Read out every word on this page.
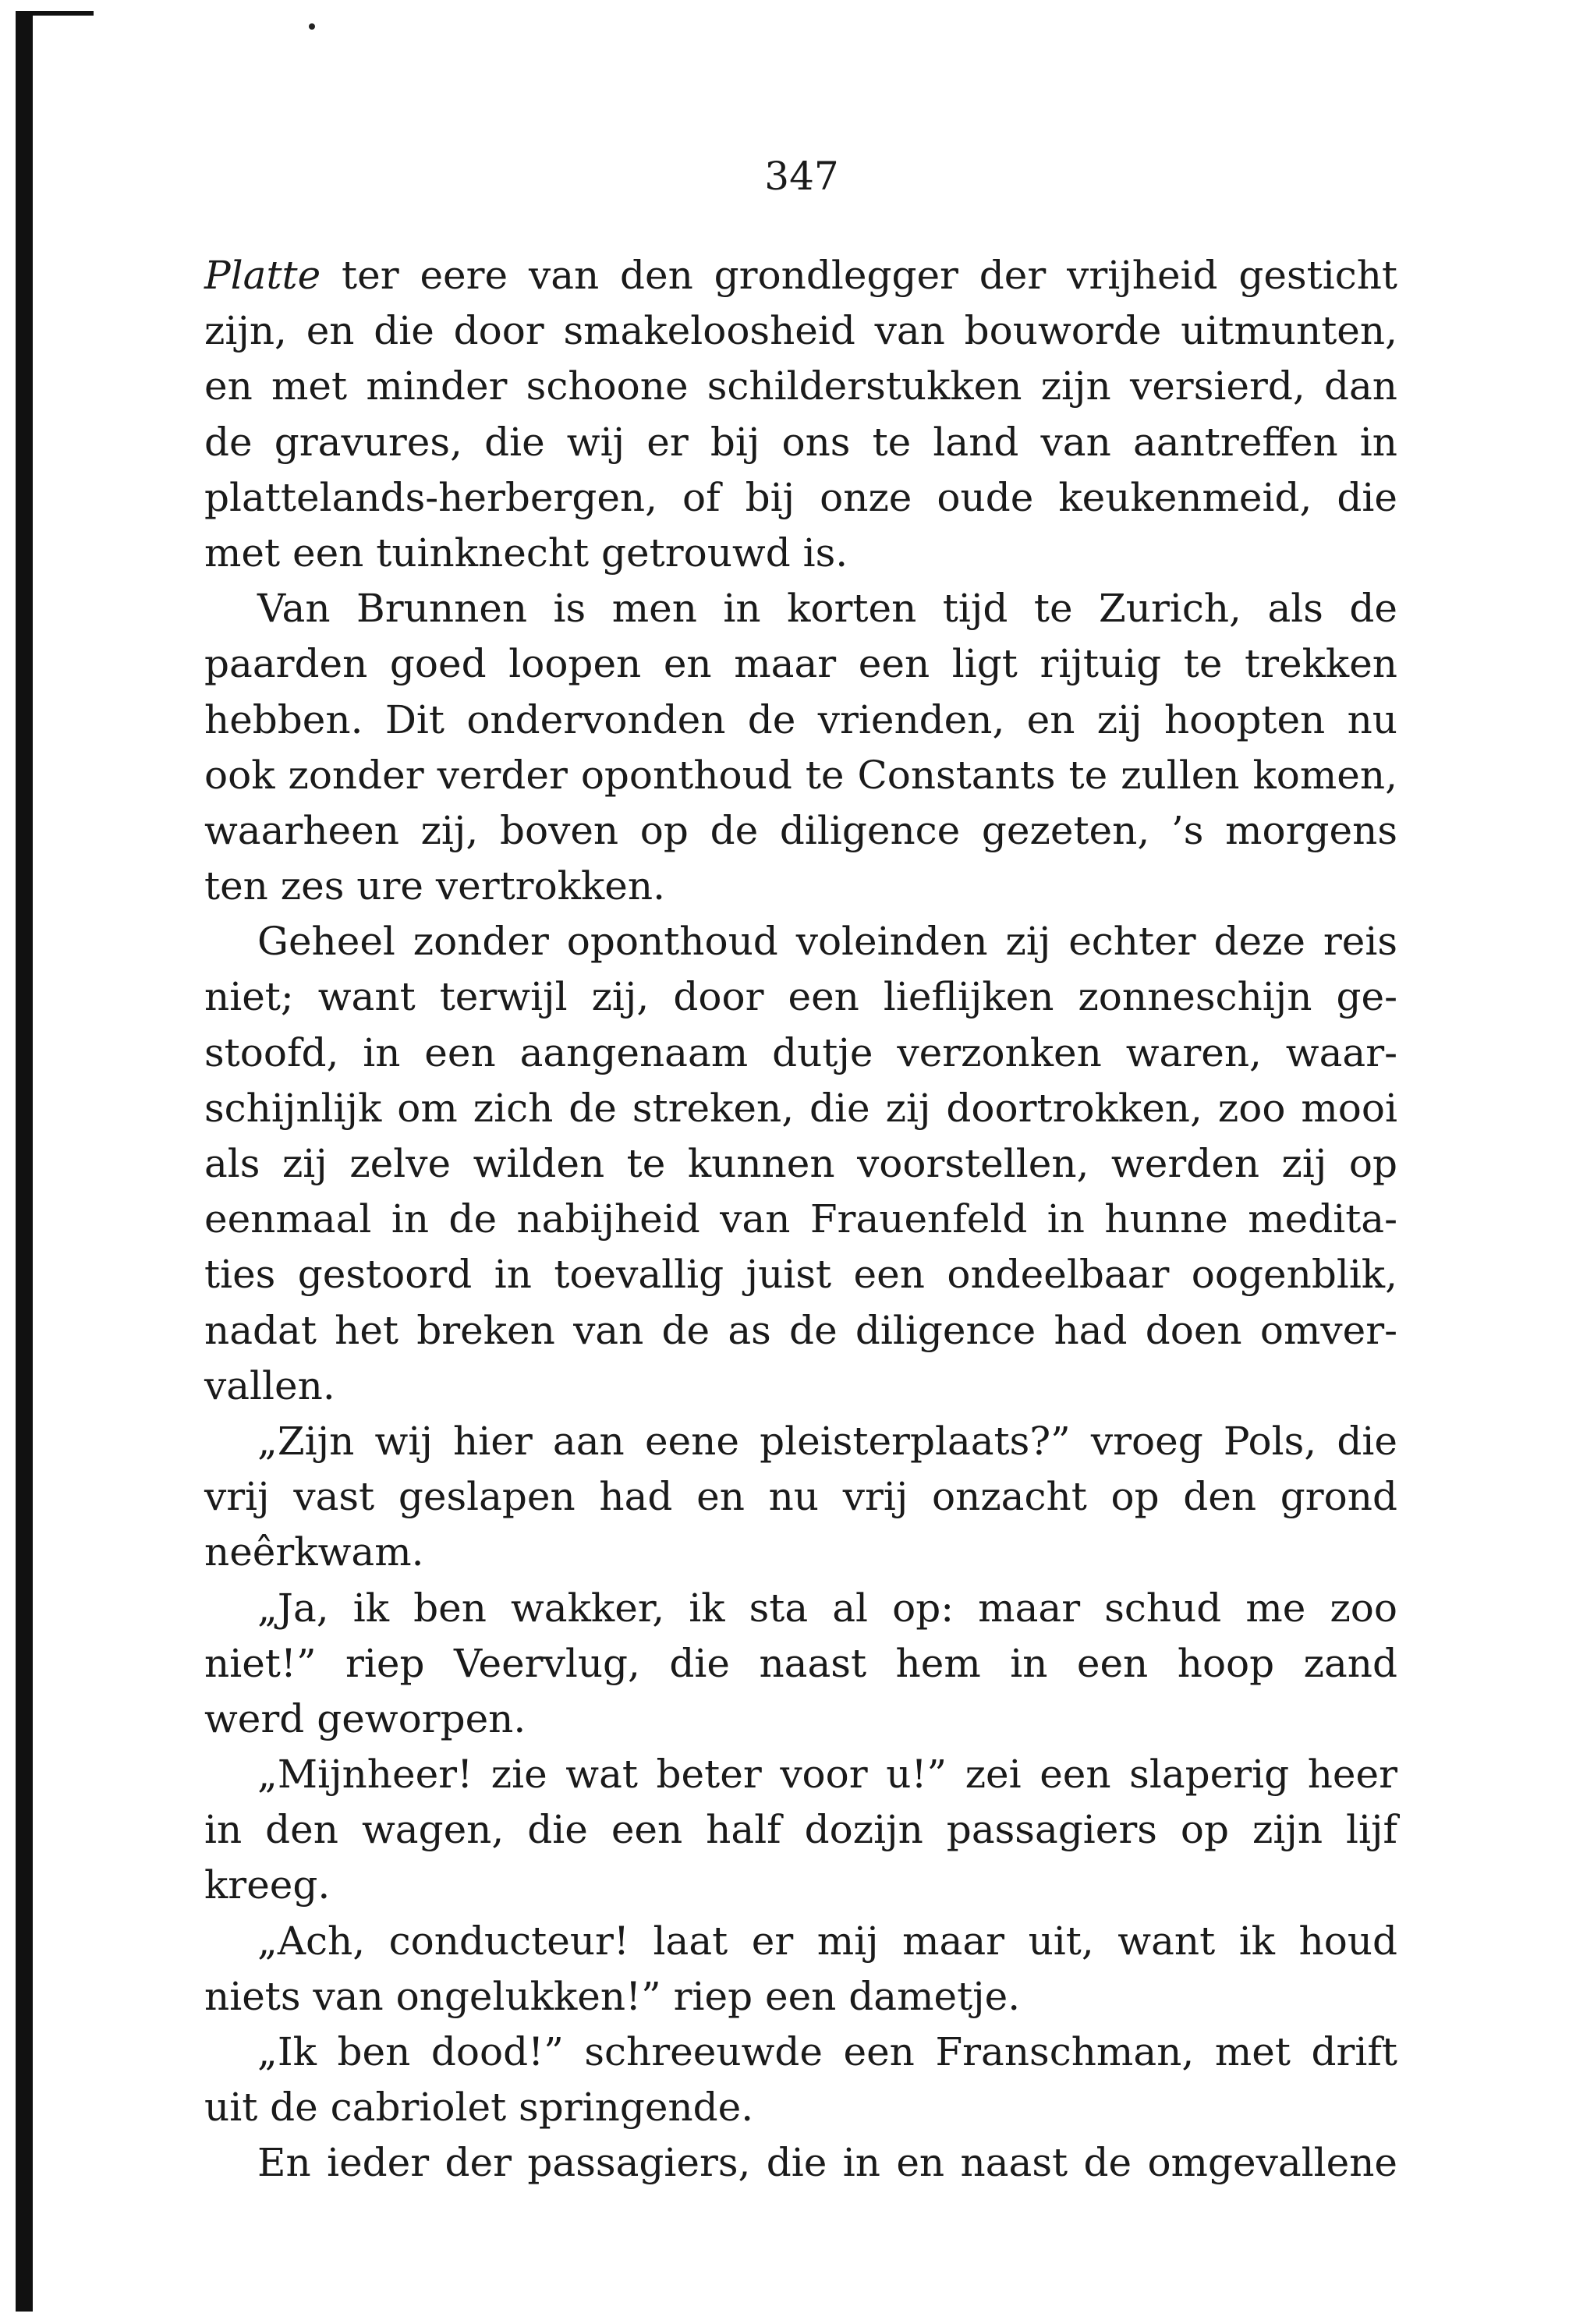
347
Platte ter eere van den grondlegger der vrijheid gesticht
zijn, en die door smakeloosheid van bouworde uitmunten,
en met minder schoone schilderstukken zijn versierd, dan
de gravures, die wij er bij ons te land van aantreffen in
plattelands-herbergen, of bij onze oude keukenmeid, die
met een tuinknecht getrouwd is.
Van Brunnen is men in korten tijd te Zurich, als de
paarden goed loopen en maar een ligt rijtuig te trekken
hebben. Dit ondervonden de vrienden, en zij hoopten nu
ook zonder verder oponthoud te Constants te zullen komen,
waarheen zij, boven op de diligence gezeten, ’s morgens
ten zes ure vertrokken.
Geheel zonder oponthoud voleinden zij echter deze reis
niet; want terwijl zij, door een lieflijken zonneschijn ge-
stoofd, in een aangenaam dutje verzonken waren, waar-
schijnlijk om zich de streken, die zij doortrokken, zoo mooi
als zij zelve wilden te kunnen voorstellen, werden zij op
eenmaal in de nabijheid van Frauenfeld in hunne medita-
ties gestoord in toevallig juist een ondeelbaar oogenblik,
nadat het breken van de as de diligence had doen omver-
vallen.
„Zijn wij hier aan eene pleisterplaats?” vroeg Pols, die
vrij vast geslapen had en nu vrij onzacht op den grond
neêrkwam.
„Ja, ik ben wakker, ik sta al op: maar schud me zoo
niet!” riep Veervlug, die naast hem in een hoop zand
werd geworpen.
„Mijnheer! zie wat beter voor u!” zei een slaperig heer
in den wagen, die een half dozijn passagiers op zijn lijf
kreeg.
„Ach, conducteur! laat er mij maar uit, want ik houd
niets van ongelukken!” riep een dametje.
„Ik ben dood!” schreeuwde een Franschman, met drift
uit de cabriolet springende.
En ieder der passagiers, die in en naast de omgevallene
